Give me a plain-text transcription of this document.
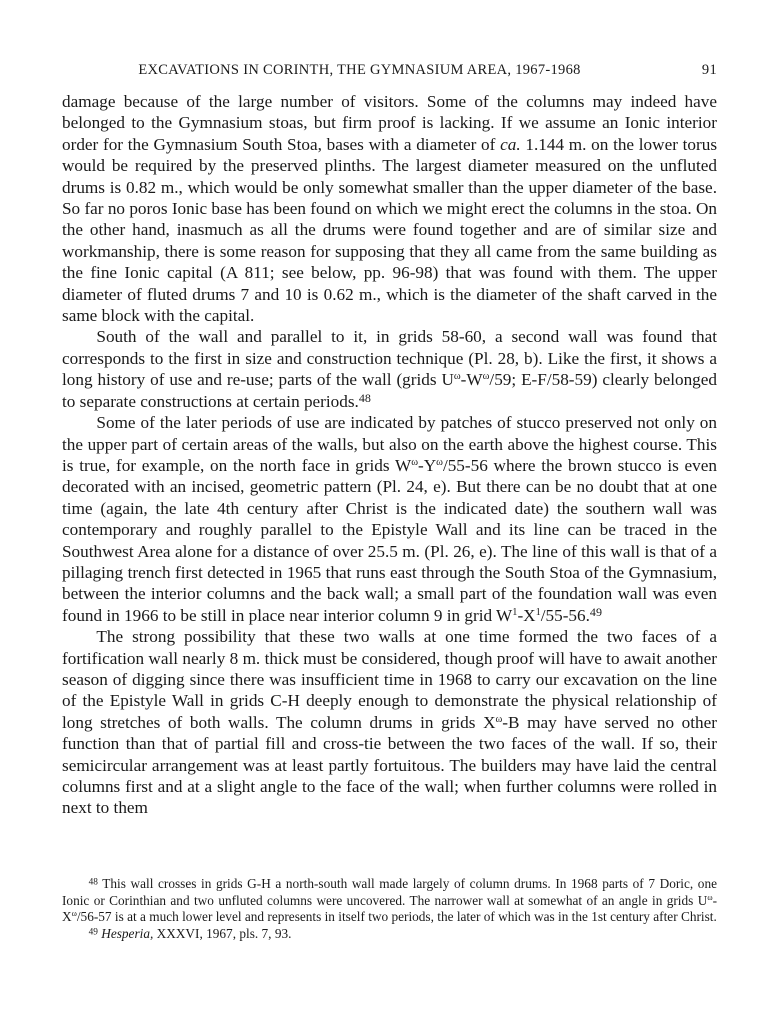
EXCAVATIONS IN CORINTH, THE GYMNASIUM AREA, 1967-1968	91

damage because of the large number of visitors. Some of the columns may indeed have belonged to the Gymnasium stoas, but firm proof is lacking. If we assume an Ionic interior order for the Gymnasium South Stoa, bases with a diameter of ca. 1.144 m. on the lower torus would be required by the preserved plinths. The largest diameter measured on the unfluted drums is 0.82 m., which would be only somewhat smaller than the upper diameter of the base. So far no poros Ionic base has been found on which we might erect the columns in the stoa. On the other hand, inasmuch as all the drums were found together and are of similar size and workmanship, there is some reason for supposing that they all came from the same building as the fine Ionic capital (A 811; see below, pp. 96-98) that was found with them. The upper diameter of fluted drums 7 and 10 is 0.62 m., which is the diameter of the shaft carved in the same block with the capital.

South of the wall and parallel to it, in grids 58-60, a second wall was found that corresponds to the first in size and construction technique (Pl. 28, b). Like the first, it shows a long history of use and re-use; parts of the wall (grids $U^\omega-W^\omega/59$; E-F/58-59) clearly belonged to separate constructions at certain periods.$^{48}$

Some of the later periods of use are indicated by patches of stucco preserved not only on the upper part of certain areas of the walls, but also on the earth above the highest course. This is true, for example, on the north face in grids $W^\omega-Y^\omega/55-56$ where the brown stucco is even decorated with an incised, geometric pattern (Pl. 24, e). But there can be no doubt that at one time (again, the late 4th century after Christ is the indicated date) the southern wall was contemporary and roughly parallel to the Epistyle Wall and its line can be traced in the Southwest Area alone for a distance of over 25.5 m. (Pl. 26, e). The line of this wall is that of a pillaging trench first detected in 1965 that runs east through the South Stoa of the Gymnasium, between the interior columns and the back wall; a small part of the foundation wall was even found in 1966 to be still in place near interior column 9 in grid $W^1-X^1/55-56.49$

The strong possibility that these two walls at one time formed the two faces of a fortification wall nearly 8 m. thick must be considered, though proof will have to await another season of digging since there was insufficient time in 1968 to carry our excavation on the line of the Epistyle Wall in grids C-H deeply enough to demonstrate the physical relationship of long stretches of both walls. The column drums in grids $X^\omega-B$ may have served no other function than that of partial fill and cross-tie between the two faces of the wall. If so, their semicircular arrangement was at least partly fortuitous. The builders may have laid the central columns first and at a slight angle to the face of the wall; when further columns were rolled in next to them

$^{48}$ This wall crosses in grids G-H a north-south wall made largely of column drums. In 1968 parts of 7 Doric, one Ionic or Corinthian and two unfluted columns were uncovered. The narrower wall at somewhat of an angle in grids $U^\omega-X^\omega/56-57$ is at a much lower level and represents in itself two periods, the later of which was in the 1st century after Christ.

$^{49}$ Hesperia, XXXVI, 1967, pls. 7, 93.
